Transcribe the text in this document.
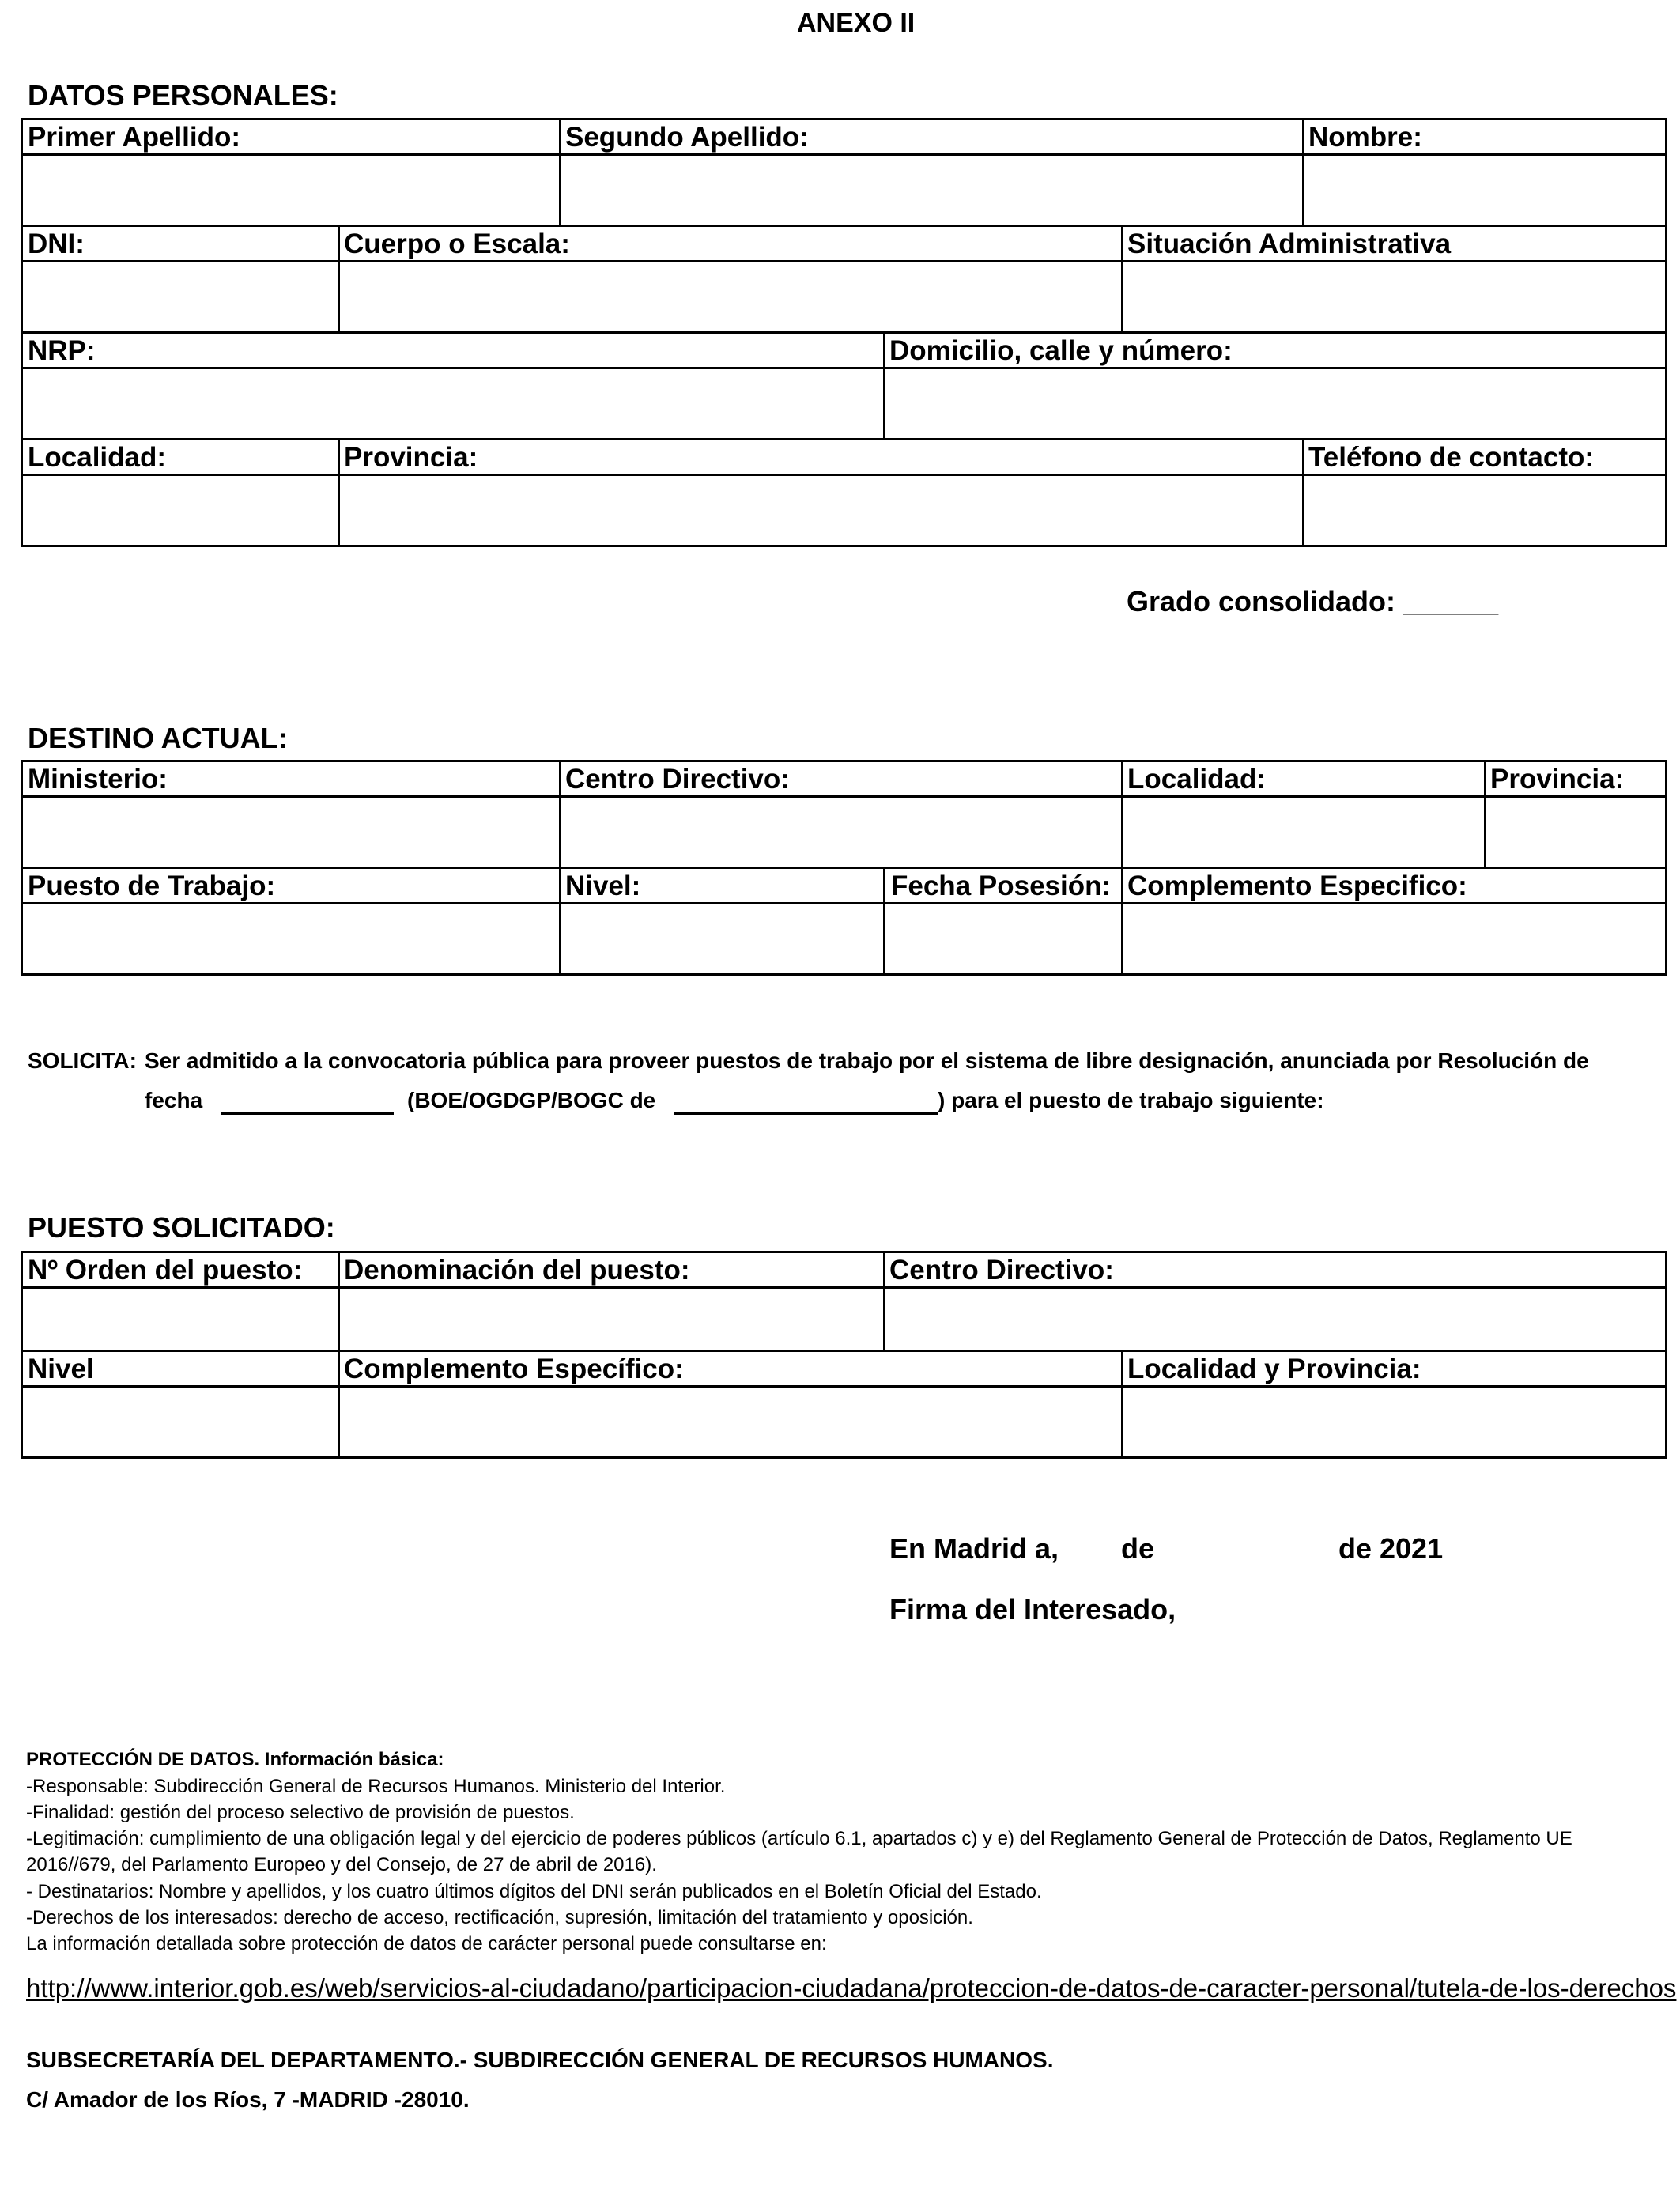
ANEXO II
DATOS PERSONALES:
Primer Apellido:	Segundo Apellido:	Nombre:
DNI:	Cuerpo o Escala:	Situación Administrativa
NRP:	Domicilio, calle y número:
Localidad:	Provincia:	Teléfono de contacto:
Grado consolidado: ______
DESTINO ACTUAL:
Ministerio:	Centro Directivo:	Localidad:	Provincia:
Puesto de Trabajo:	Nivel:	Fecha Posesión: Complemento Especifico:
SOLICITA: Ser admitido a la convocatoria pública para proveer puestos de trabajo por el sistema de libre designación, anunciada por Resolución de
fecha	(BOE/OGDGP/BOGC de	) para el puesto de trabajo siguiente:
PUESTO SOLICITADO:
Nº Orden del puesto: Denominación del puesto:	Centro Directivo:
Nivel	Complemento Específico:	Localidad y Provincia:
En Madrid a, de	de 2021
Firma del Interesado,
PROTECCIÓN DE DATOS. Información básica:
-Responsable: Subdirección General de Recursos Humanos. Ministerio del Interior.
-Finalidad: gestión del proceso selectivo de provisión de puestos.
-Legitimación: cumplimiento de una obligación legal y del ejercicio de poderes públicos (artículo 6.1, apartados c) y e) del Reglamento General de Protección de Datos, Reglamento UE
2016//679, del Parlamento Europeo y del Consejo, de 27 de abril de 2016).
- Destinatarios: Nombre y apellidos, y los cuatro últimos dígitos del DNI serán publicados en el Boletín Oficial del Estado.
-Derechos de los interesados: derecho de acceso, rectificación, supresión, limitación del tratamiento y oposición.
La información detallada sobre protección de datos de carácter personal puede consultarse en:
http://www.interior.gob.es/web/servicios-al-ciudadano/participacion-ciudadana/proteccion-de-datos-de-caracter-personal/tutela-de-los-derechos
SUBSECRETARÍA DEL DEPARTAMENTO.- SUBDIRECCIÓN GENERAL DE RECURSOS HUMANOS.
C/ Amador de los Ríos, 7 -MADRID -28010.
